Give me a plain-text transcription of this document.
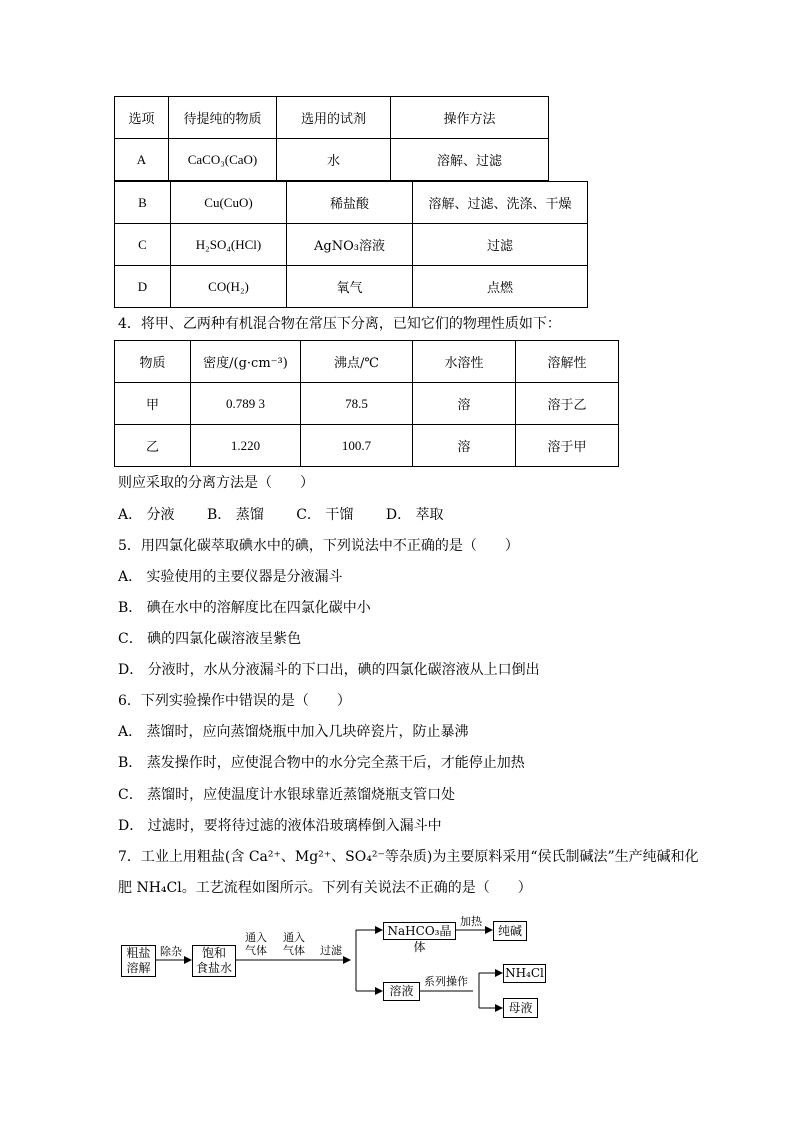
选项	待提纯的物质	选用的试剂	操作方法
A	CaCO₃(CaO)	水	溶解、过滤
B	Cu(CuO)	稀盐酸	溶解、过滤、洗涤、干燥
C	H₂SO₄(HCl)	AgNO₃溶液	过滤
D	CO(H₂)	氧气	点燃
4．将甲、乙两种有机混合物在常压下分离，已知它们的物理性质如下：
物质	密度/(g·cm⁻³)	沸点/℃	水溶性	溶解性
甲	0.789 3	78.5	溶	溶于乙
乙	1.220	100.7	溶	溶于甲
则应采取的分离方法是（　　）
A． 分液 B． 蒸馏 C． 干馏 D． 萃取
5．用四氯化碳萃取碘水中的碘，下列说法中不正确的是（　　）
A． 实验使用的主要仪器是分液漏斗
B． 碘在水中的溶解度比在四氯化碳中小
C． 碘的四氯化碳溶液呈紫色
D． 分液时，水从分液漏斗的下口出，碘的四氯化碳溶液从上口倒出
6．下列实验操作中错误的是（　　）
A． 蒸馏时，应向蒸馏烧瓶中加入几块碎瓷片，防止暴沸
B． 蒸发操作时，应使混合物中的水分完全蒸干后，才能停止加热
C． 蒸馏时，应使温度计水银球靠近蒸馏烧瓶支管口处
D． 过滤时，要将待过滤的液体沿玻璃棒倒入漏斗中
7．工业上用粗盐(含 Ca²⁺、Mg²⁺、SO₄²⁻等杂质)为主要原料采用“侯氏制碱法”生产纯碱和化
肥 NH₄Cl。工艺流程如图所示。下列有关说法不正确的是（　　）
粗盐
溶解
除杂	饱和
食盐水
通入
气体
通入
气体 过滤
NaHCO₃晶体
加热
纯碱
溶液
系列操作
NH₄Cl
母液
